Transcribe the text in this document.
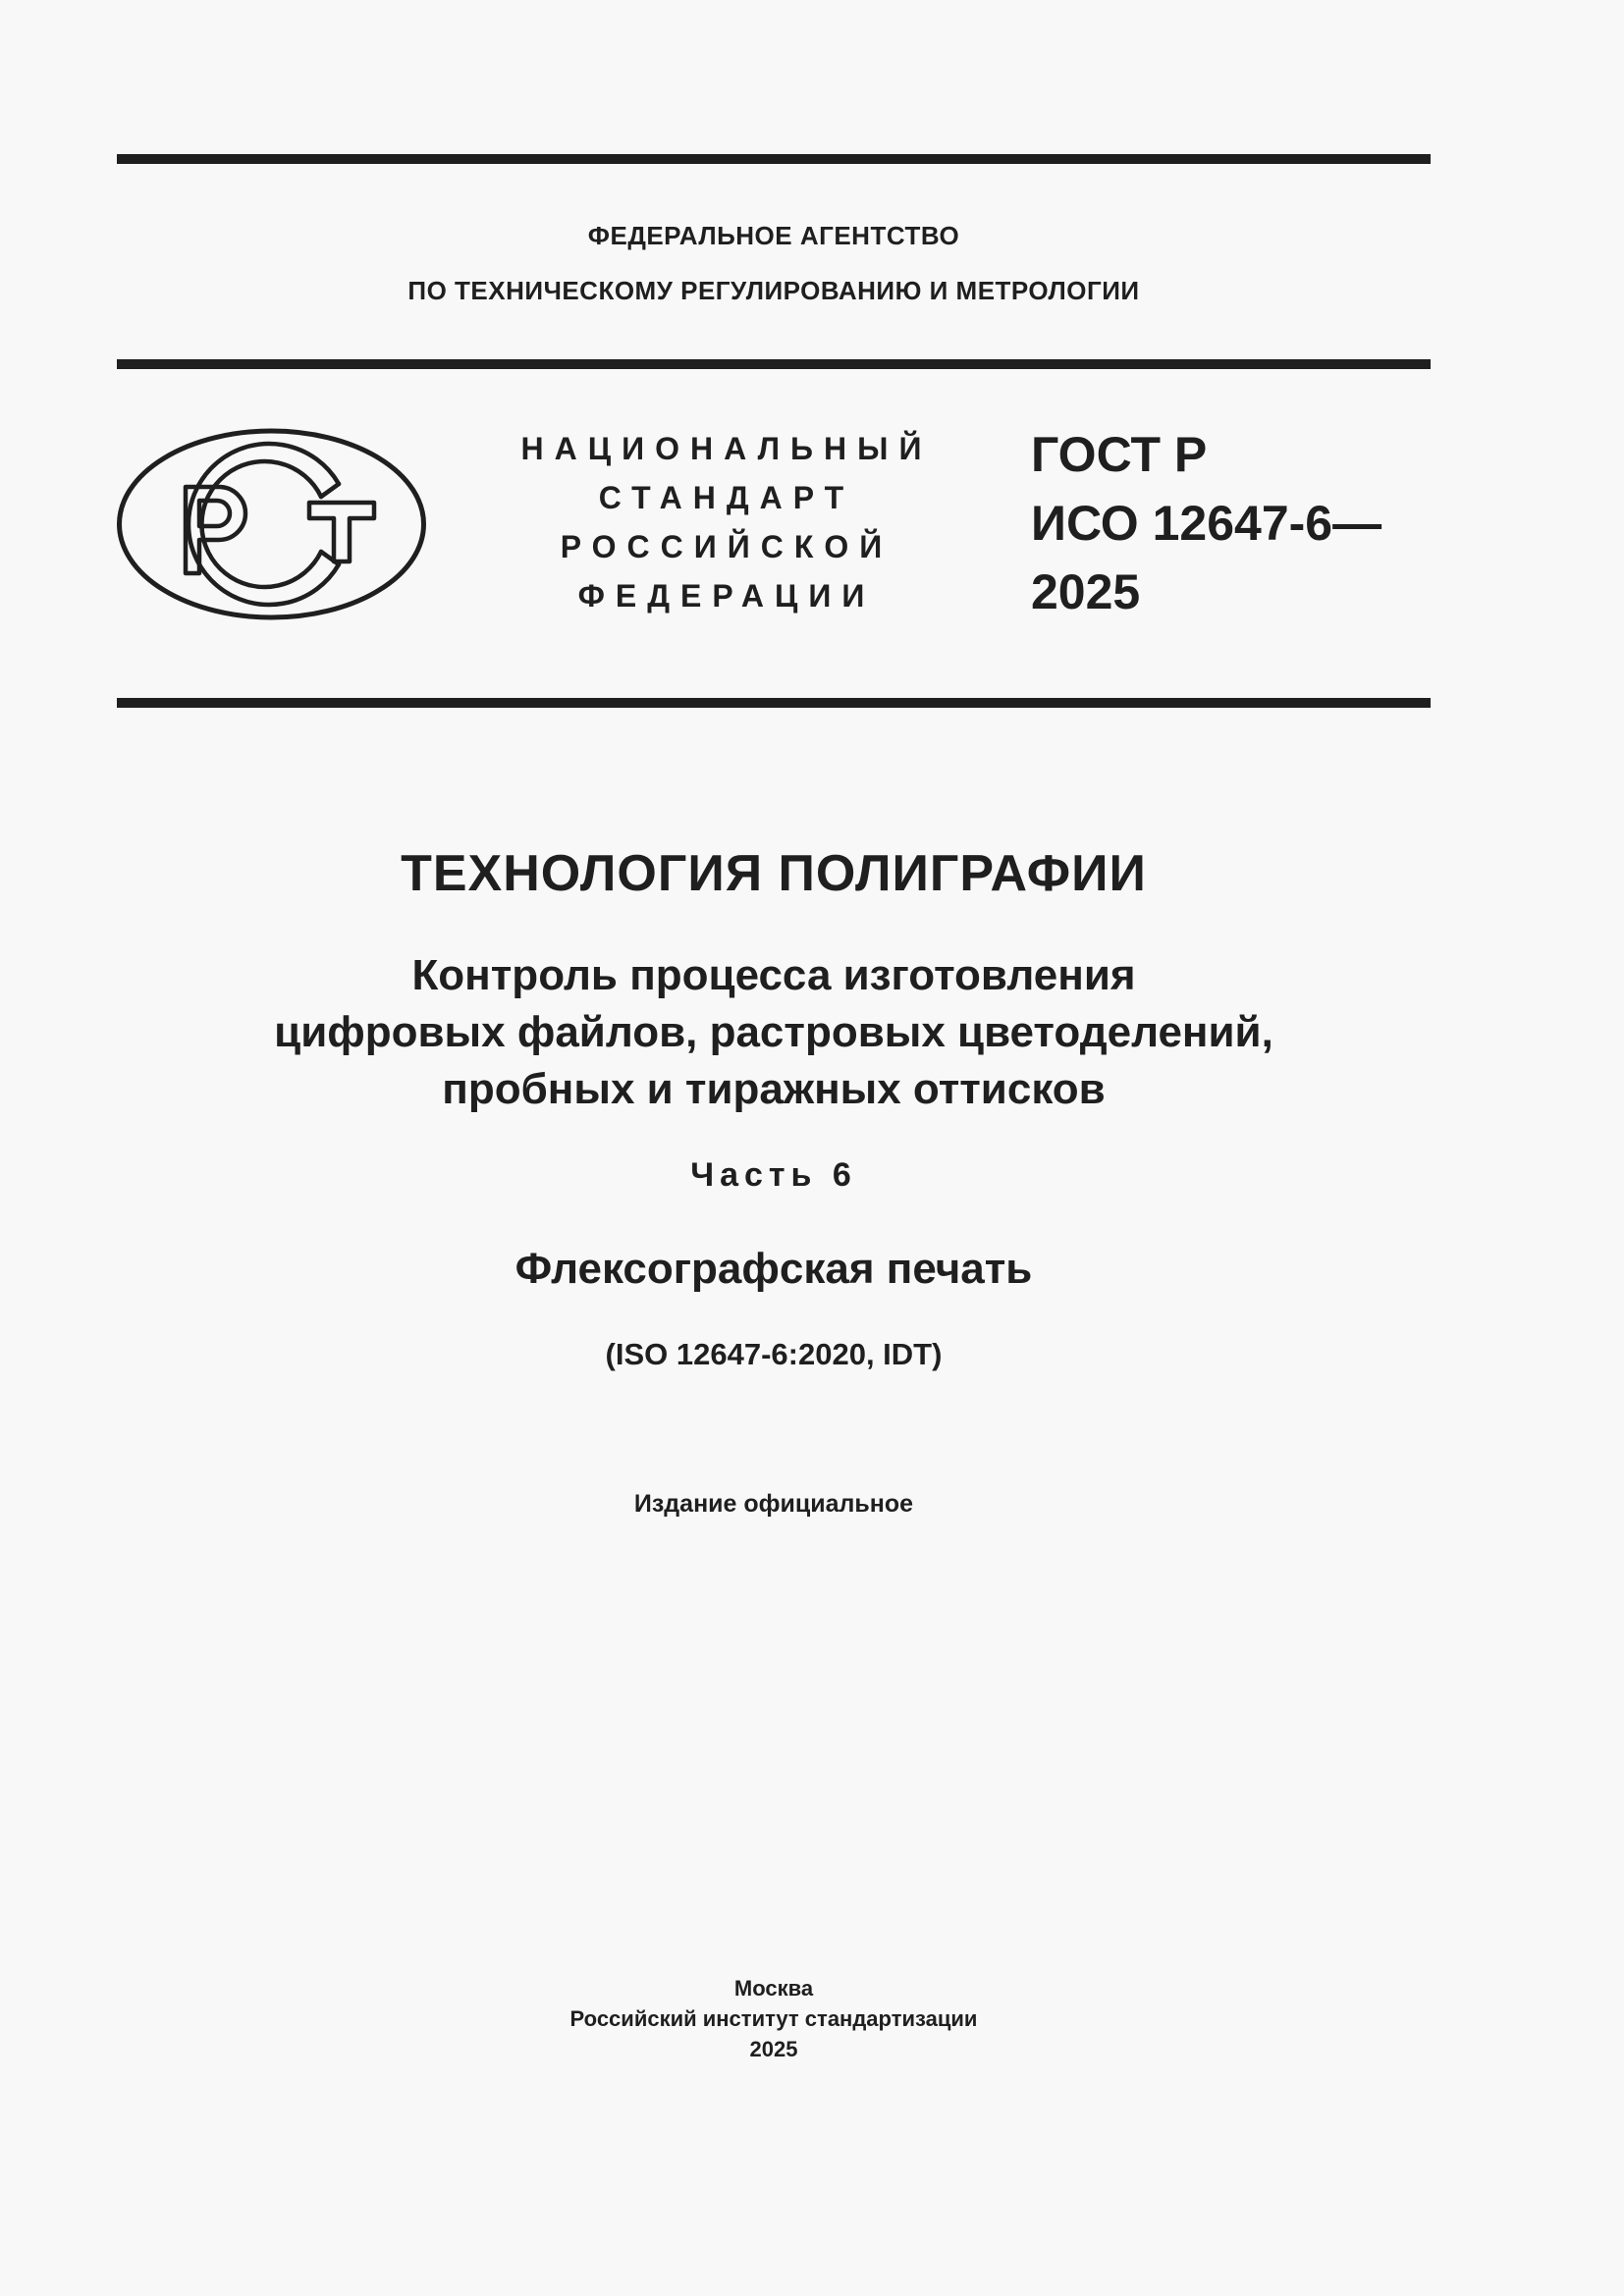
ФЕДЕРАЛЬНОЕ АГЕНТСТВО
ПО ТЕХНИЧЕСКОМУ РЕГУЛИРОВАНИЮ И МЕТРОЛОГИИ
НАЦИОНАЛЬНЫЙ
СТАНДАРТ
РОССИЙСКОЙ
ФЕДЕРАЦИИ
ГОСТ Р
ИСО 12647-6—
2025
ТЕХНОЛОГИЯ ПОЛИГРАФИИ
Контроль процесса изготовления
цифровых файлов, растровых цветоделений,
пробных и тиражных оттисков
Часть 6
Флексографская печать
(ISO 12647-6:2020, IDT)
Издание официальное
Москва
Российский институт стандартизации
2025
